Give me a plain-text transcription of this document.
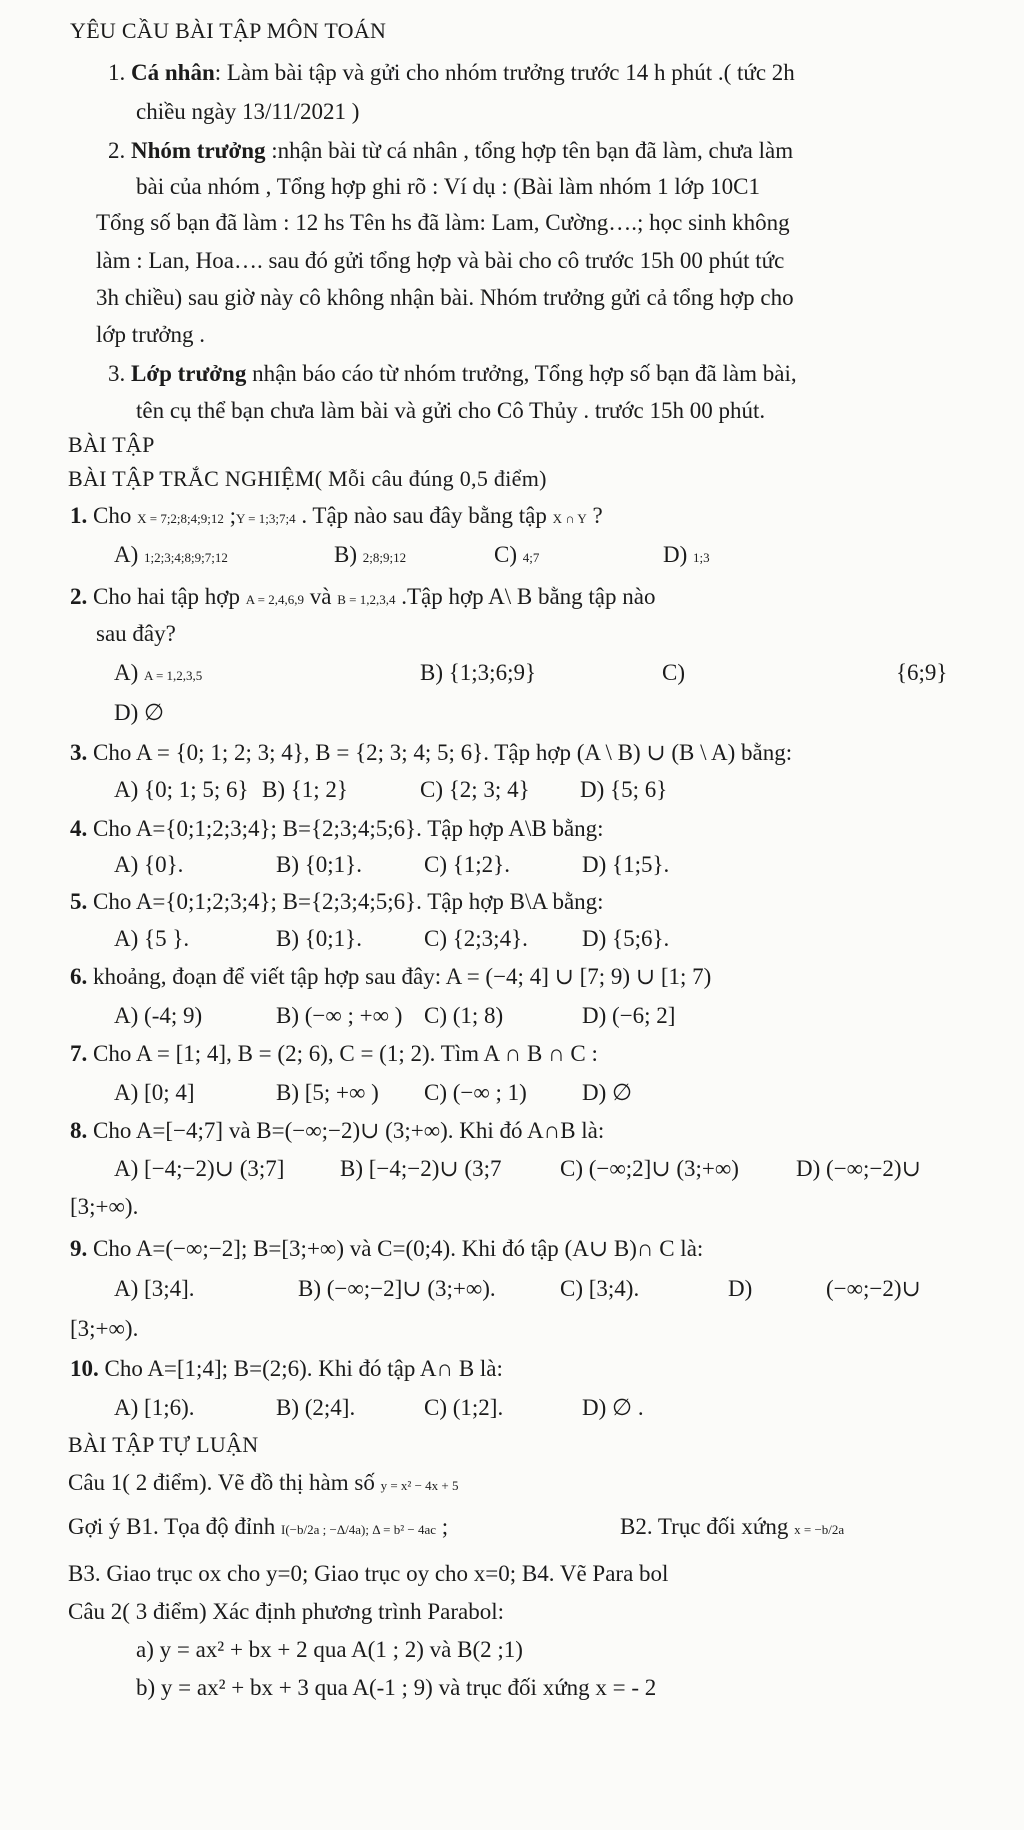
YÊU CẦU BÀI TẬP MÔN TOÁN
1. Cá nhân: Làm bài tập và gửi cho nhóm trưởng trước 14 h phút .( tức 2h
chiều ngày 13/11/2021 )
2. Nhóm trưởng :nhận bài từ cá nhân , tổng hợp tên bạn đã làm, chưa làm
bài của nhóm , Tổng hợp ghi rõ : Ví dụ : (Bài làm nhóm 1 lớp 10C1
Tổng số bạn đã làm : 12 hs Tên hs đã làm: Lam, Cường….; học sinh không
làm : Lan, Hoa…. sau đó gửi tổng hợp và bài cho cô trước 15h 00 phút tức
3h chiều) sau giờ này cô không nhận bài. Nhóm trưởng gửi cả tổng hợp cho
lớp trưởng .
3. Lớp trưởng nhận báo cáo từ nhóm trưởng, Tổng hợp số bạn đã làm bài,
tên cụ thể bạn chưa làm bài và gửi cho Cô Thủy . trước 15h 00 phút.
BÀI TẬP
BÀI TẬP TRẮC NGHIỆM( Mỗi câu đúng 0,5 điểm)
1. Cho X = 7;2;8;4;9;12 ;Y = 1;3;7;4 . Tập nào sau đây bằng tập X ∩ Y ?
A) 1;2;3;4;8;9;7;12	B) 2;8;9;12	C) 4;7	D) 1;3
2. Cho hai tập hợp A = 2,4,6,9 và B = 1,2,3,4 .Tập hợp A\ B bằng tập nào
sau đây?
A) A = 1,2,3,5	B) {1;3;6;9}	C)	{6;9}
D) ∅
3. Cho A = {0; 1; 2; 3; 4}, B = {2; 3; 4; 5; 6}. Tập hợp (A \ B) ∪ (B \ A) bằng:
A) {0; 1; 5; 6} B) {1; 2}	C) {2; 3; 4} D) {5; 6}
4. Cho A={0;1;2;3;4}; B={2;3;4;5;6}. Tập hợp A\B bằng:
A) {0}.	B) {0;1}.	C) {1;2}.	D) {1;5}.
5. Cho A={0;1;2;3;4}; B={2;3;4;5;6}. Tập hợp B\A bằng:
A) {5 }.	B) {0;1}.	C) {2;3;4}. D) {5;6}.
6. khoảng, đoạn để viết tập hợp sau đây: A = (−4; 4] ∪ [7; 9) ∪ [1; 7)
A) (-4; 9)	B) (−∞ ; +∞ ) C) (1; 8)	D) (−6; 2]
7. Cho A = [1; 4], B = (2; 6), C = (1; 2). Tìm A ∩ B ∩ C :
A) [0; 4]	B) [5; +∞ ) C) (−∞ ; 1) D) ∅
8. Cho A=[−4;7] và B=(−∞;−2)∪ (3;+∞). Khi đó A∩B là:
A) [−4;−2)∪ (3;7] B) [−4;−2)∪ (3;7	C) (−∞;2]∪ (3;+∞) D) (−∞;−2)∪
[3;+∞).
9. Cho A=(−∞;−2]; B=[3;+∞) và C=(0;4). Khi đó tập (A∪ B)∩ C là:
A) [3;4].	B) (−∞;−2]∪ (3;+∞).	C) [3;4).	D)	(−∞;−2)∪
[3;+∞).
10. Cho A=[1;4]; B=(2;6). Khi đó tập A∩ B là:
A) [1;6).	B) (2;4].	C) (1;2].	D) ∅ .
BÀI TẬP TỰ LUẬN
Câu 1( 2 điểm). Vẽ đồ thị hàm số y = x² − 4x + 5
Gợi ý B1. Tọa độ đỉnh I(−b/2a ; −Δ/4a); Δ = b² − 4ac ;	B2. Trục đối xứng x = −b/2a
B3. Giao trục ox cho y=0; Giao trục oy cho x=0; B4. Vẽ Para bol
Câu 2( 3 điểm) Xác định phương trình Parabol:
a) y = ax² + bx + 2 qua A(1 ; 2) và B(2 ;1)
b) y = ax² + bx + 3 qua A(-1 ; 9) và trục đối xứng x = - 2
